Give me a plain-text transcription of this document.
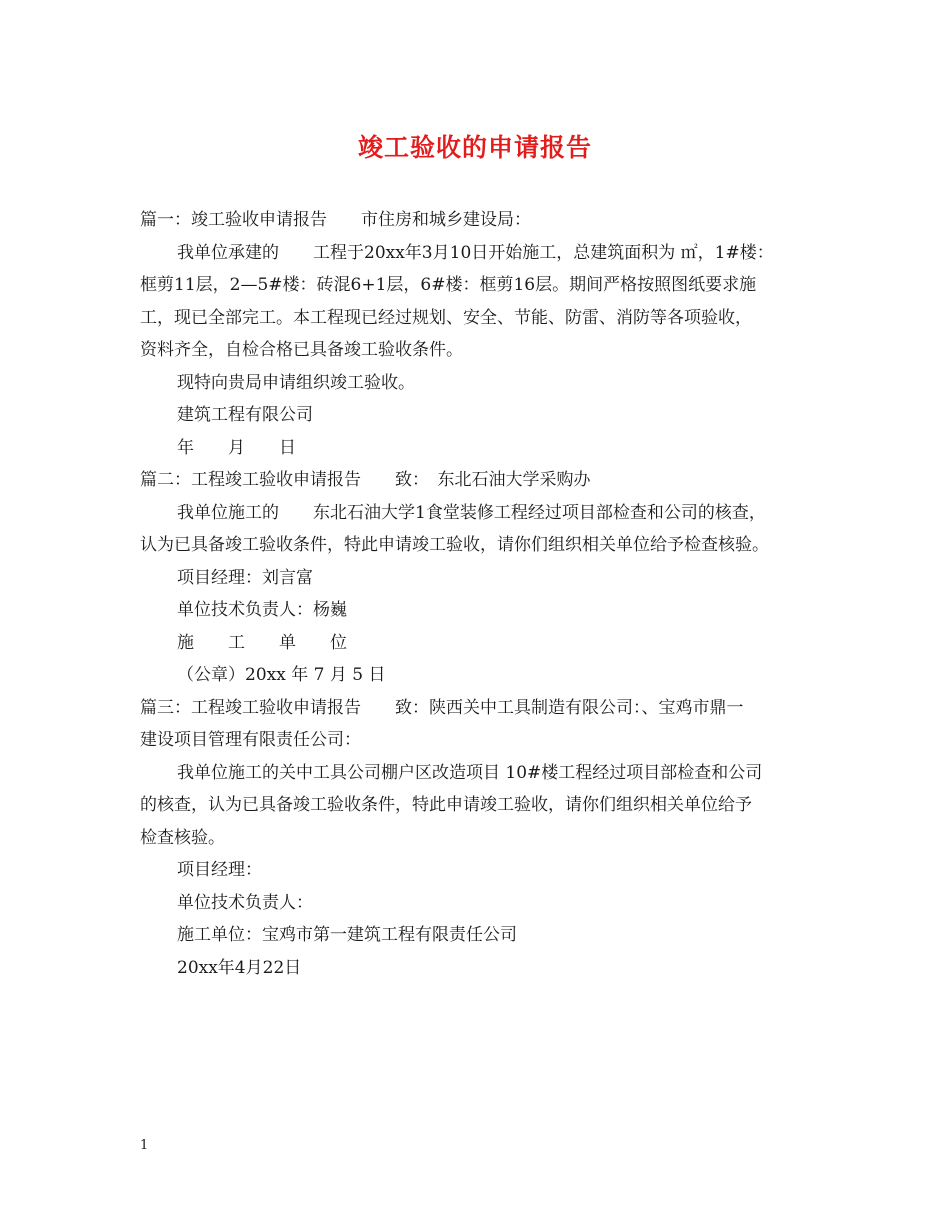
竣工验收的申请报告
篇一：竣工验收申请报告　　市住房和城乡建设局：
我单位承建的　　工程于20xx年3月10日开始施工，总建筑面积为 ㎡，1#楼：
框剪11层，2—5#楼：砖混6+1层，6#楼：框剪16层。期间严格按照图纸要求施
工，现已全部完工。本工程现已经过规划、安全、节能、防雷、消防等各项验收，
资料齐全，自检合格已具备竣工验收条件。
现特向贵局申请组织竣工验收。
建筑工程有限公司
年　　月　　日
篇二：工程竣工验收申请报告　　致：　东北石油大学采购办
我单位施工的　　东北石油大学1食堂装修工程经过项目部检查和公司的核查，
认为已具备竣工验收条件，特此申请竣工验收，请你们组织相关单位给予检查核验。
项目经理：刘言富
单位技术负责人：杨巍
施　　工　　单　　位
（公章）20xx 年 7 月 5 日
篇三：工程竣工验收申请报告　　致：陕西关中工具制造有限公司：、宝鸡市鼎一
建设项目管理有限责任公司：
我单位施工的关中工具公司棚户区改造项目 10#楼工程经过项目部检查和公司
的核查，认为已具备竣工验收条件，特此申请竣工验收，请你们组织相关单位给予
检查核验。
项目经理：
单位技术负责人：
施工单位：宝鸡市第一建筑工程有限责任公司
20xx年4月22日
1
